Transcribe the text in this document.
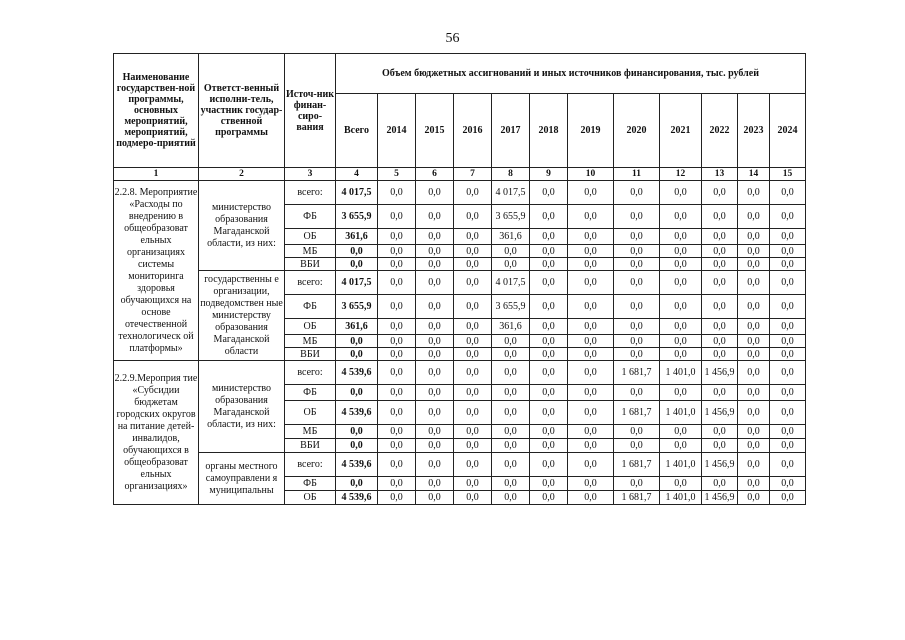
56
Наименование государствен-ной программы, основных мероприятий, мероприятий, подмеро-приятий	Ответст-венный исполни-тель, участник государ-ственной программы	Источ-ник финан-сиро-вания	Объем бюджетных ассигнований и иных источников финансирования, тыс. рублей											
			Всего	2014	2015	2016	2017	2018	2019	2020	2021	2022	2023	2024
1	2	3	4	5	6	7	8	9	10	11	12	13	14	15
2.2.8. Мероприятие «Расходы по внедрению в общеобразоват ельных организациях системы мониторинга здоровья обучающихся на основе отечественной технологическ ой платформы»	министерство образования Магаданской области, из них:	всего:	4 017,5	0,0	0,0	0,0	4 017,5	0,0	0,0	0,0	0,0	0,0	0,0	0,0
		ФБ	3 655,9	0,0	0,0	0,0	3 655,9	0,0	0,0	0,0	0,0	0,0	0,0	0,0
		ОБ	361,6	0,0	0,0	0,0	361,6	0,0	0,0	0,0	0,0	0,0	0,0	0,0
		МБ	0,0	0,0	0,0	0,0	0,0	0,0	0,0	0,0	0,0	0,0	0,0	0,0
		ВБИ	0,0	0,0	0,0	0,0	0,0	0,0	0,0	0,0	0,0	0,0	0,0	0,0
	государственны е организации, подведомствен ные министерству образования Магаданской области	всего:	4 017,5	0,0	0,0	0,0	4 017,5	0,0	0,0	0,0	0,0	0,0	0,0	0,0
		ФБ	3 655,9	0,0	0,0	0,0	3 655,9	0,0	0,0	0,0	0,0	0,0	0,0	0,0
		ОБ	361,6	0,0	0,0	0,0	361,6	0,0	0,0	0,0	0,0	0,0	0,0	0,0
		МБ	0,0	0,0	0,0	0,0	0,0	0,0	0,0	0,0	0,0	0,0	0,0	0,0
		ВБИ	0,0	0,0	0,0	0,0	0,0	0,0	0,0	0,0	0,0	0,0	0,0	0,0
2.2.9.Мероприя тие «Субсидии бюджетам городских округов на питание детей-инвалидов, обучающихся в общеобразоват ельных организациях»	министерство образования Магаданской области, из них:	всего:	4 539,6	0,0	0,0	0,0	0,0	0,0	0,0	1 681,7	1 401,0	1 456,9	0,0	0,0
		ФБ	0,0	0,0	0,0	0,0	0,0	0,0	0,0	0,0	0,0	0,0	0,0	0,0
		ОБ	4 539,6	0,0	0,0	0,0	0,0	0,0	0,0	1 681,7	1 401,0	1 456,9	0,0	0,0
		МБ	0,0	0,0	0,0	0,0	0,0	0,0	0,0	0,0	0,0	0,0	0,0	0,0
		ВБИ	0,0	0,0	0,0	0,0	0,0	0,0	0,0	0,0	0,0	0,0	0,0	0,0
	органы местного самоуправлени я муниципальны	всего:	4 539,6	0,0	0,0	0,0	0,0	0,0	0,0	1 681,7	1 401,0	1 456,9	0,0	0,0
		ФБ	0,0	0,0	0,0	0,0	0,0	0,0	0,0	0,0	0,0	0,0	0,0	0,0
		ОБ	4 539,6	0,0	0,0	0,0	0,0	0,0	0,0	1 681,7	1 401,0	1 456,9	0,0	0,0
